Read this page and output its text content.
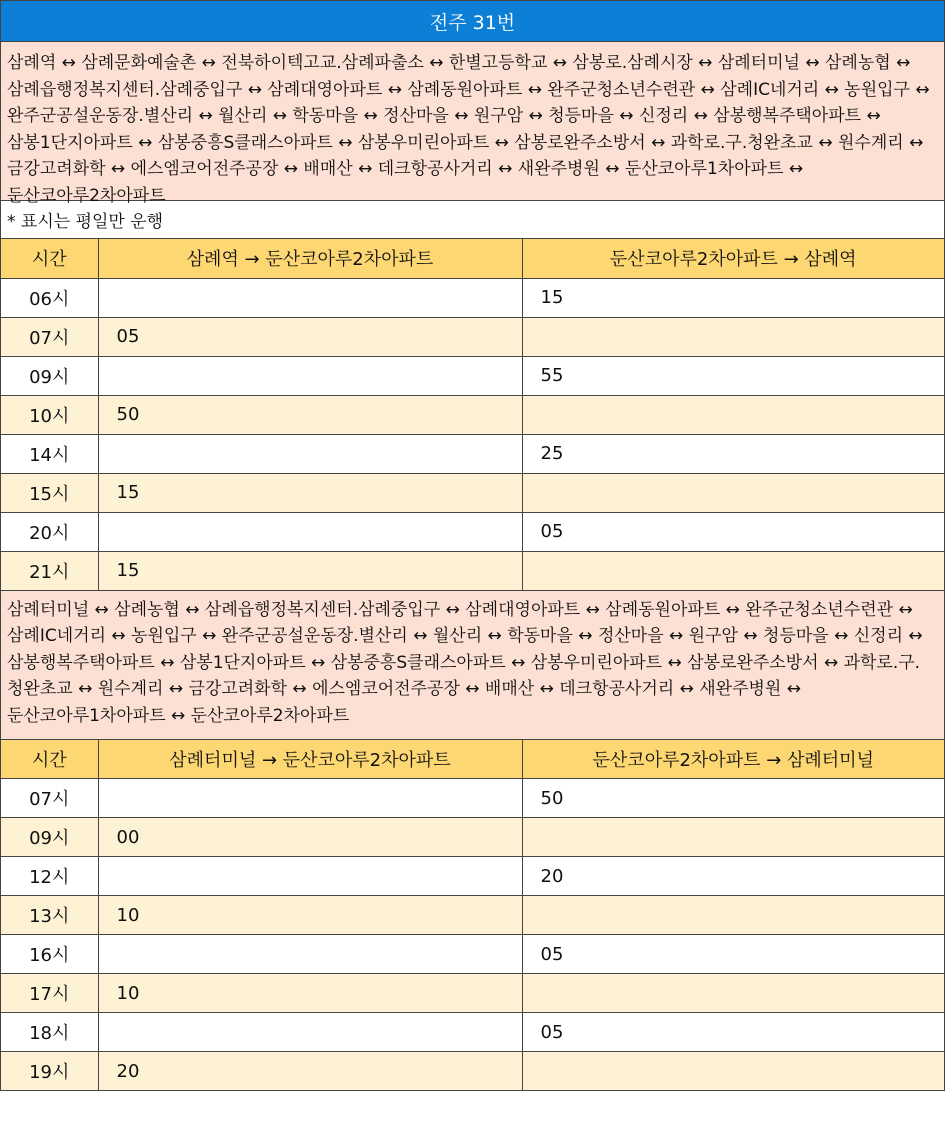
전주 31번
삼례역 ↔ 삼례문화예술촌 ↔ 전북하이텍고교.삼례파출소 ↔ 한별고등학교 ↔ 삼봉로.삼례시장 ↔ 삼례터미널 ↔ 삼례농협 ↔ 삼례읍행정복지센터.삼례중입구 ↔ 삼례대영아파트 ↔ 삼례동원아파트 ↔ 완주군청소년수련관 ↔ 삼례IC네거리 ↔ 농원입구 ↔ 완주군공설운동장.별산리 ↔ 월산리 ↔ 학동마을 ↔ 정산마을 ↔ 원구암 ↔ 청등마을 ↔ 신정리 ↔ 삼봉행복주택아파트 ↔ 삼봉1단지아파트 ↔ 삼봉중흥S클래스아파트 ↔ 삼봉우미린아파트 ↔ 삼봉로완주소방서 ↔ 과학로.구.청완초교 ↔ 원수계리 ↔ 금강고려화학 ↔ 에스엠코어전주공장 ↔ 배매산 ↔ 데크항공사거리 ↔ 새완주병원 ↔ 둔산코아루1차아파트 ↔ 둔산코아루2차아파트
* 표시는 평일만 운행
시간	삼례역 → 둔산코아루2차아파트	둔산코아루2차아파트 → 삼례역
06시		15
07시	05	
09시		55
10시	50	
14시		25
15시	15	
20시		05
21시	15	
삼례터미널 ↔ 삼례농협 ↔ 삼례읍행정복지센터.삼례중입구 ↔ 삼례대영아파트 ↔ 삼례동원아파트 ↔ 완주군청소년수련관 ↔ 삼례IC네거리 ↔ 농원입구 ↔ 완주군공설운동장.별산리 ↔ 월산리 ↔ 학동마을 ↔ 정산마을 ↔ 원구암 ↔ 청등마을 ↔ 신정리 ↔ 삼봉행복주택아파트 ↔ 삼봉1단지아파트 ↔ 삼봉중흥S클래스아파트 ↔ 삼봉우미린아파트 ↔ 삼봉로완주소방서 ↔ 과학로.구.청완초교 ↔ 원수계리 ↔ 금강고려화학 ↔ 에스엠코어전주공장 ↔ 배매산 ↔ 데크항공사거리 ↔ 새완주병원 ↔ 둔산코아루1차아파트 ↔ 둔산코아루2차아파트
시간	삼례터미널 → 둔산코아루2차아파트	둔산코아루2차아파트 → 삼례터미널
07시		50
09시	00	
12시		20
13시	10	
16시		05
17시	10	
18시		05
19시	20	
